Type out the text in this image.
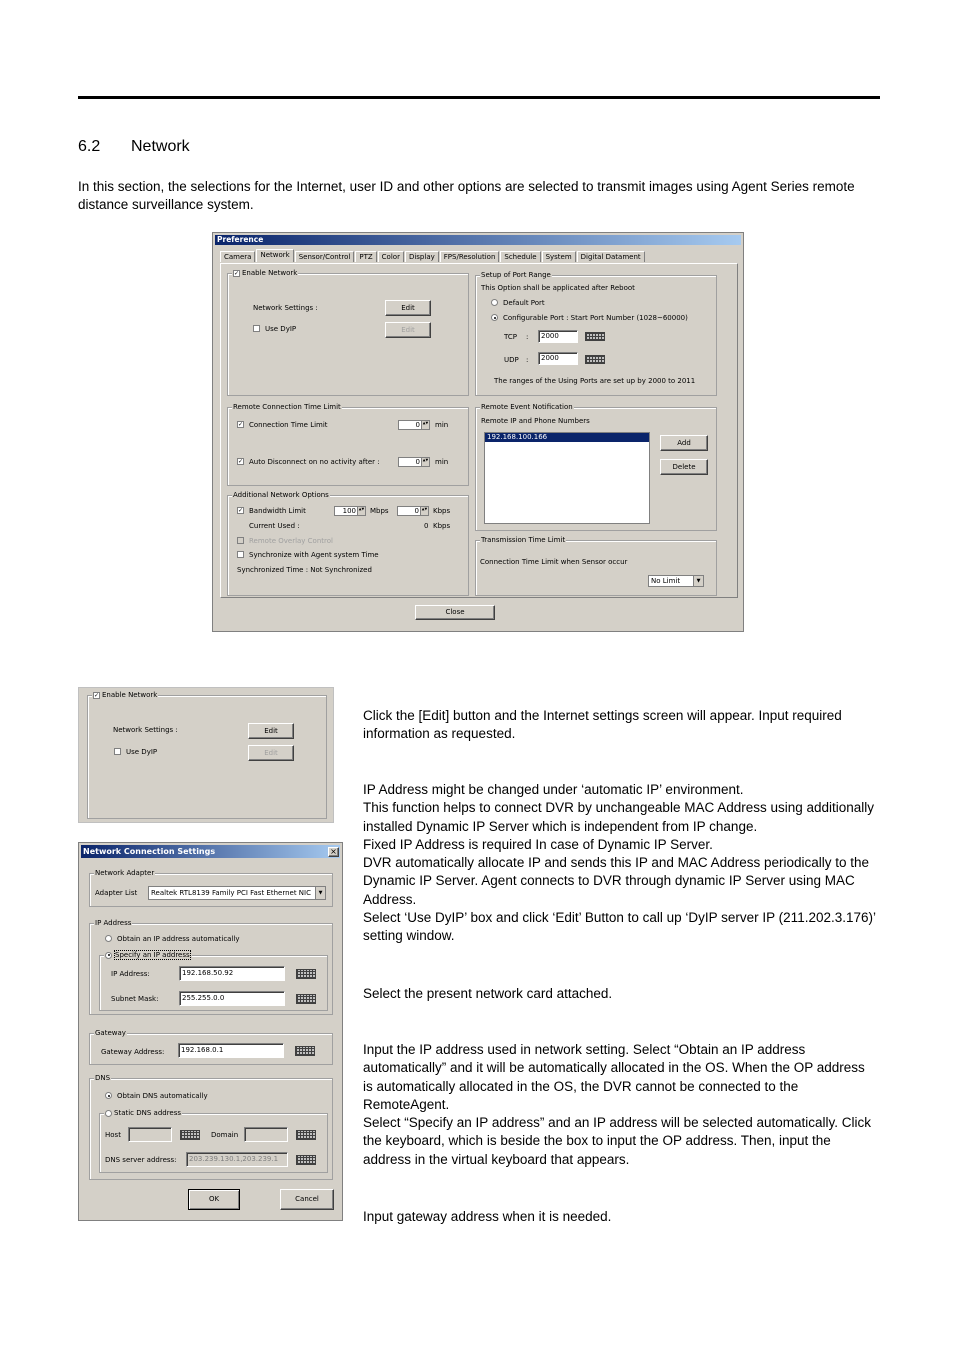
6.2 Network
In this section, the selections for the Internet, user ID and other options are selected to transmit images using Agent Series remote distance surveillance system.
Preference
Camera	Network	Sensor/Control	PTZ	Color	Display	FPS/Resolution	Schedule	System	Digital Datament
✓ Enable Network
Network Settings :	Edit
Use DyIP	Edit
Setup of Port Range
This Option shall be applicated after Reboot
Default Port
Configurable Port : Start Port Number (1028~60000)
TCP :	2000
UDP :	2000
The ranges of the Using Ports are set up by 2000 to 2011
Remote Connection Time Limit
✓ Connection Time Limit	0 ▲▼	min
✓ Auto Disconnect on no activity after :	0 ▲▼	min
Additional Network Options
✓ Bandwidth Limit	100 ▲▼	Mbps	0 ▲▼	Kbps
Current Used :	0 Kbps
Remote Overlay Control
Synchronize with Agent system Time
Synchronized Time : Not Synchronized
Remote Event Notification
Remote IP and Phone Numbers
192.168.100.166
Add
Delete
Transmission Time Limit
Connection Time Limit when Sensor occur
No Limit ▼
Close
✓ Enable Network
Network Settings :	Edit
Use DyIP	Edit
Network Connection Settings	×
Network Adapter
Adapter List	Realtek RTL8139 Family PCI Fast Ethernet NIC ▼
IP Address
Obtain an IP address automatically
Specify an IP address
IP Address:	192.168.50.92
Subnet Mask:	255.255.0.0
Gateway
Gateway Address:	192.168.0.1
DNS
Obtain DNS automatically
Static DNS address
Host	Domain
DNS server address:	203.239.130.1,203.239.1
OK	Cancel

Click the [Edit] button and the Internet settings screen will appear. Input required information as requested.

IP Address might be changed under ‘automatic IP’ environment.

This function helps to connect DVR by unchangeable MAC Address using additionally installed Dynamic IP Server which is independent from IP change.

Fixed IP Address is required In case of Dynamic IP Server.

DVR automatically allocate IP and sends this IP and MAC Address periodically to the Dynamic IP Server. Agent connects to DVR through dynamic IP Server using MAC Address.

Select ‘Use DyIP’ box and click ‘Edit’ Button to call up ‘DyIP server IP (211.202.3.176)’ setting window.

Select the present network card attached.

Input the IP address used in network setting. Select “Obtain an IP address automatically” and it will be automatically allocated in the OS. When the OP address is automatically allocated in the OS, the DVR cannot be connected to the RemoteAgent.

Select “Specify an IP address” and an IP address will be selected automatically. Click the keyboard, which is beside the box to input the OP address. Then, input the address in the virtual keyboard that appears.

Input gateway address when it is needed.
